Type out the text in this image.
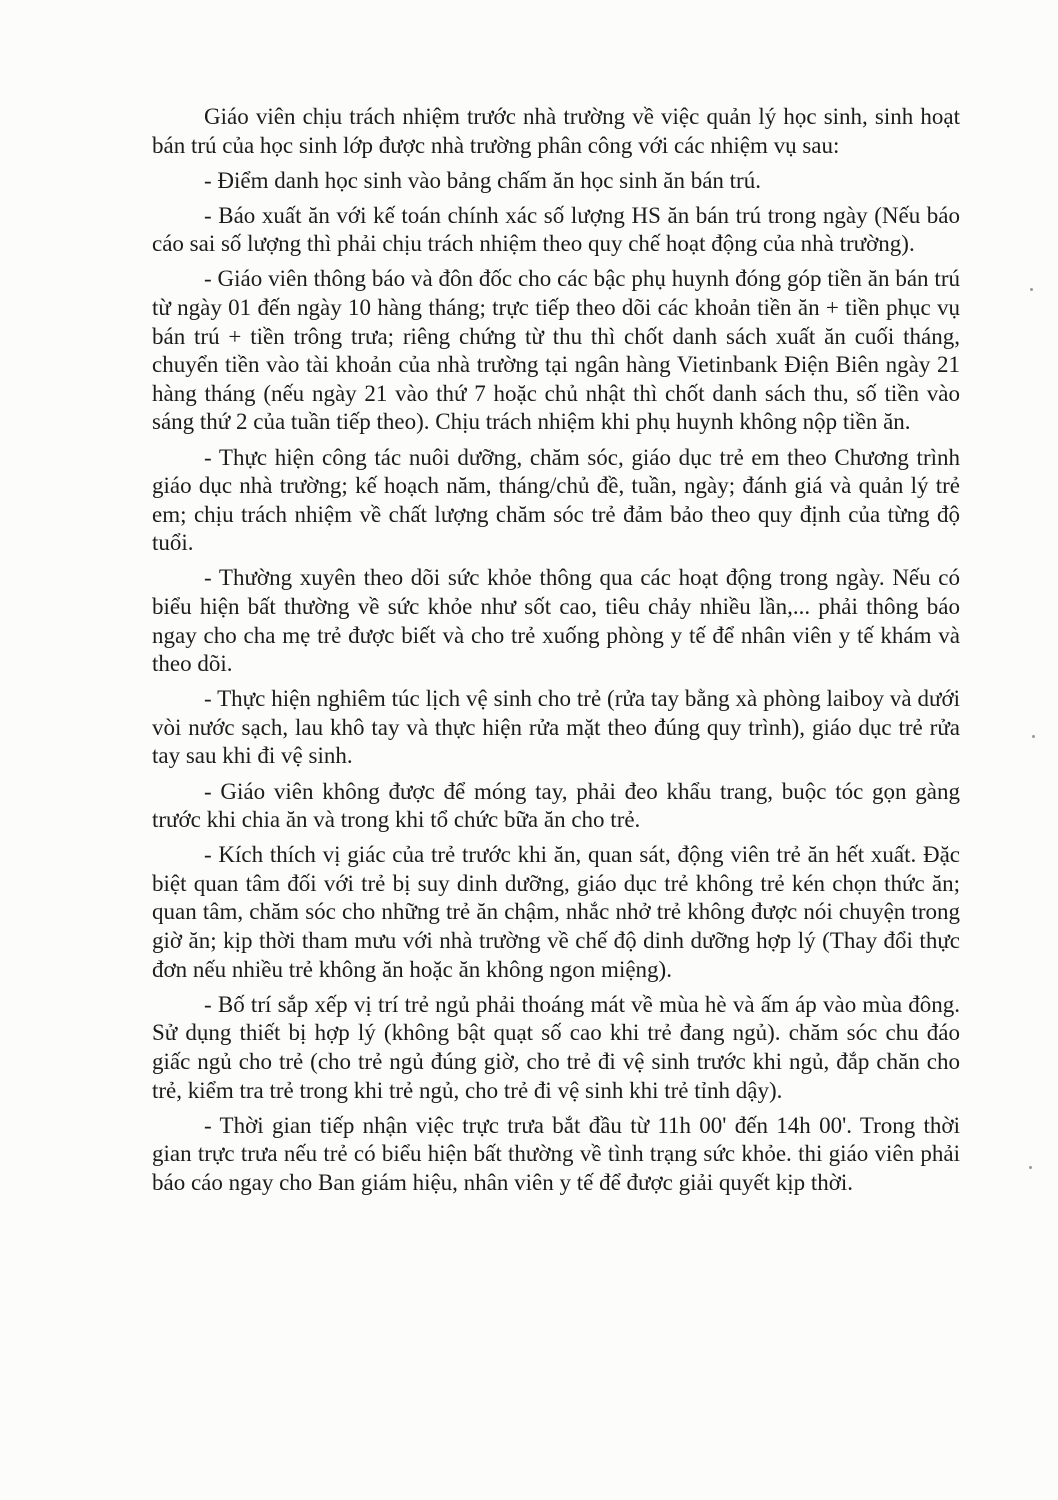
Giáo viên chịu trách nhiệm trước nhà trường về việc quản lý học sinh, sinh hoạt bán trú của học sinh lớp được nhà trường phân công với các nhiệm vụ sau:

- Điểm danh học sinh vào bảng chấm ăn học sinh ăn bán trú.

- Báo xuất ăn với kế toán chính xác số lượng HS ăn bán trú trong ngày (Nếu báo cáo sai số lượng thì phải chịu trách nhiệm theo quy chế hoạt động của nhà trường).

- Giáo viên thông báo và đôn đốc cho các bậc phụ huynh đóng góp tiền ăn bán trú từ ngày 01 đến ngày 10 hàng tháng; trực tiếp theo dõi các khoản tiền ăn + tiền phục vụ bán trú + tiền trông trưa; riêng chứng từ thu thì chốt danh sách xuất ăn cuối tháng, chuyển tiền vào tài khoản của nhà trường tại ngân hàng Vietinbank Điện Biên ngày 21 hàng tháng (nếu ngày 21 vào thứ 7 hoặc chủ nhật thì chốt danh sách thu, số tiền vào sáng thứ 2 của tuần tiếp theo). Chịu trách nhiệm khi phụ huynh không nộp tiền ăn.

- Thực hiện công tác nuôi dưỡng, chăm sóc, giáo dục trẻ em theo Chương trình giáo dục nhà trường; kế hoạch năm, tháng/chủ đề, tuần, ngày; đánh giá và quản lý trẻ em; chịu trách nhiệm về chất lượng chăm sóc trẻ đảm bảo theo quy định của từng độ tuổi.

- Thường xuyên theo dõi sức khỏe thông qua các hoạt động trong ngày. Nếu có biểu hiện bất thường về sức khỏe như sốt cao, tiêu chảy nhiều lần,... phải thông báo ngay cho cha mẹ trẻ được biết và cho trẻ xuống phòng y tế để nhân viên y tế khám và theo dõi.

- Thực hiện nghiêm túc lịch vệ sinh cho trẻ (rửa tay bằng xà phòng laiboy và dưới vòi nước sạch, lau khô tay và thực hiện rửa mặt theo đúng quy trình), giáo dục trẻ rửa tay sau khi đi vệ sinh.

- Giáo viên không được để móng tay, phải đeo khẩu trang, buộc tóc gọn gàng trước khi chia ăn và trong khi tổ chức bữa ăn cho trẻ.

- Kích thích vị giác của trẻ trước khi ăn, quan sát, động viên trẻ ăn hết xuất. Đặc biệt quan tâm đối với trẻ bị suy dinh dưỡng, giáo dục trẻ không trẻ kén chọn thức ăn; quan tâm, chăm sóc cho những trẻ ăn chậm, nhắc nhở trẻ không được nói chuyện trong giờ ăn; kịp thời tham mưu với nhà trường về chế độ dinh dưỡng hợp lý (Thay đổi thực đơn nếu nhiều trẻ không ăn hoặc ăn không ngon miệng).

- Bố trí sắp xếp vị trí trẻ ngủ phải thoáng mát về mùa hè và ấm áp vào mùa đông. Sử dụng thiết bị hợp lý (không bật quạt số cao khi trẻ đang ngủ). chăm sóc chu đáo giấc ngủ cho trẻ (cho trẻ ngủ đúng giờ, cho trẻ đi vệ sinh trước khi ngủ, đắp chăn cho trẻ, kiểm tra trẻ trong khi trẻ ngủ, cho trẻ đi vệ sinh khi trẻ tỉnh dậy).

- Thời gian tiếp nhận việc trực trưa bắt đầu từ 11h 00' đến 14h 00'. Trong thời gian trực trưa nếu trẻ có biểu hiện bất thường về tình trạng sức khỏe. thi giáo viên phải báo cáo ngay cho Ban giám hiệu, nhân viên y tế để được giải quyết kịp thời.
